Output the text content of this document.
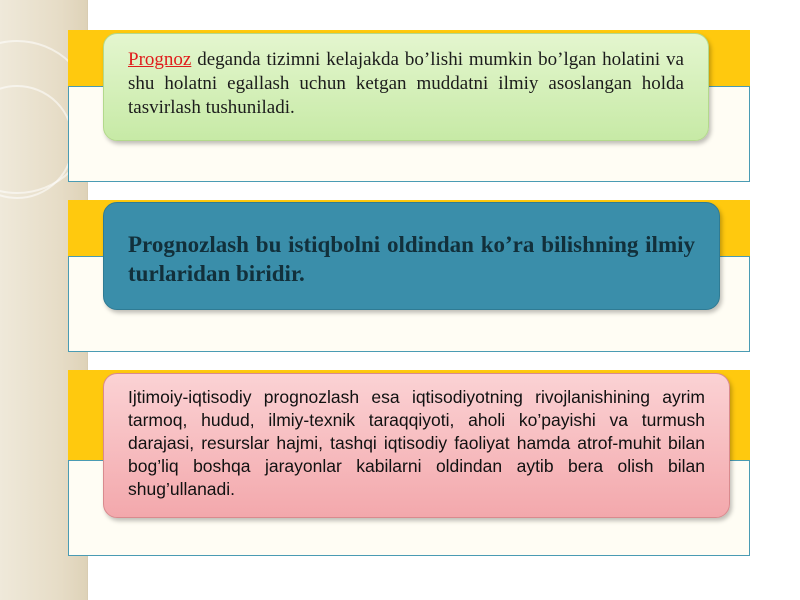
Prognoz deganda tizimni kelajakda bo’lishi mumkin bo’lgan holatini va shu holatni egallash uchun ketgan muddatni ilmiy asoslangan holda tasvirlash tushuniladi.
Prognozlash bu istiqbolni oldindan ko’ra bilishning ilmiy turlaridan biridir.
Ijtimoiy-iqtisodiy prognozlash esa iqtisodiyotning rivojlanishining ayrim tarmoq, hudud, ilmiy-texnik taraqqiyoti, aholi ko’payishi va turmush darajasi, resurslar hajmi, tashqi iqtisodiy faoliyat hamda atrof-muhit bilan bog’liq boshqa jarayonlar kabilarni oldindan aytib bera olish bilan shug’ullanadi.
